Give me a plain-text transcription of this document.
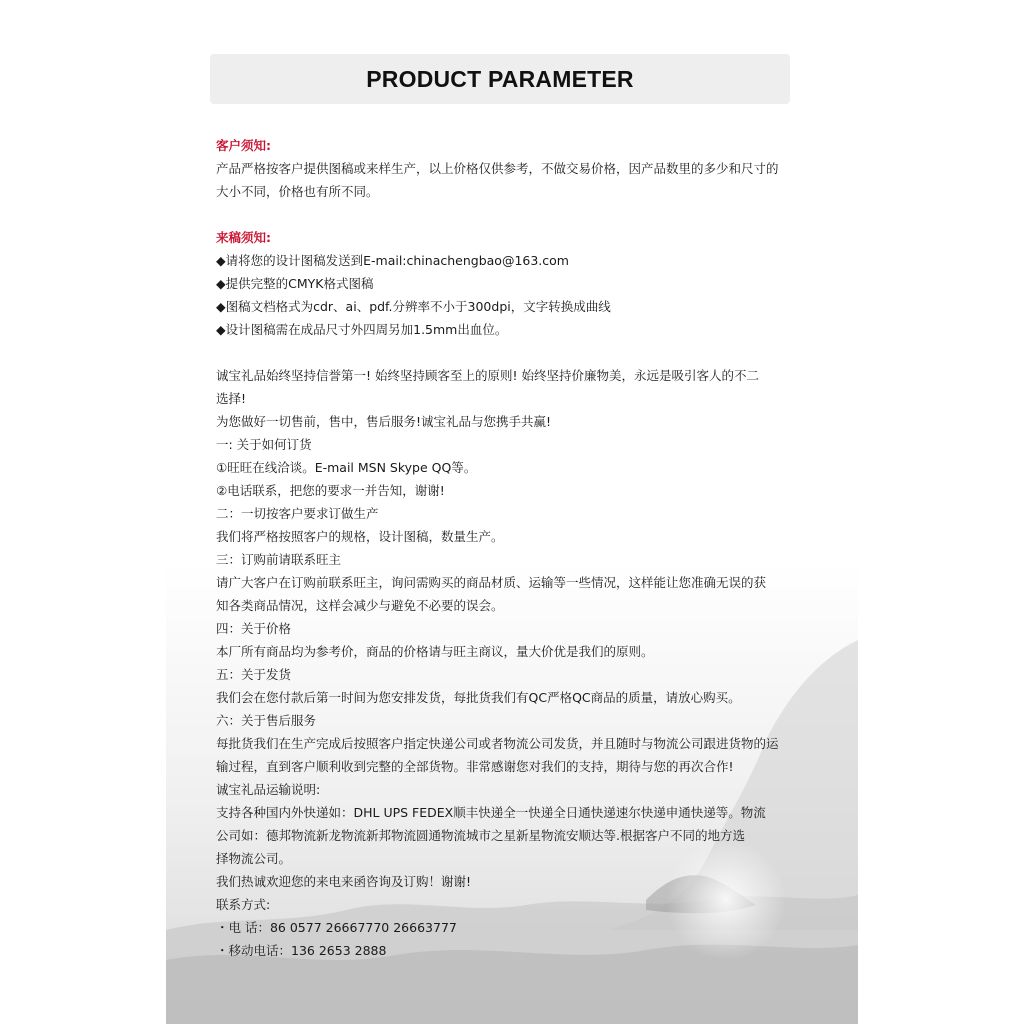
PRODUCT PARAMETER
客户须知:
产品严格按客户提供图稿或来样生产，以上价格仅供参考，不做交易价格，因产品数里的多少和尺寸的
大小不同，价格也有所不同。
来稿须知:
◆请将您的设计图稿发送到E-mail:chinachengbao@163.com
◆提供完整的CMYK格式图稿
◆图稿文档格式为cdr、ai、pdf.分辨率不小于300dpi，文字转换成曲线
◆设计图稿需在成品尺寸外四周另加1.5mm出血位。
诚宝礼品始终坚持信誉第一! 始终坚持顾客至上的原则! 始终坚持价廉物美，永远是吸引客人的不二
选择!
为您做好一切售前，售中，售后服务!诚宝礼品与您携手共赢!
一: 关于如何订货
①旺旺在线洽谈。E-mail MSN Skype QQ等。
②电话联系，把您的要求一并告知，谢谢!
二：一切按客户要求订做生产
我们将严格按照客户的规格，设计图稿，数量生产。
三：订购前请联系旺主
请广大客户在订购前联系旺主，询问需购买的商品材质、运输等一些情况，这样能让您准确无误的获
知各类商品情况，这样会减少与避免不必要的误会。
四：关于价格
本厂所有商品均为参考价，商品的价格请与旺主商议，量大价优是我们的原则。
五：关于发货
我们会在您付款后第一时间为您安排发货，每批货我们有QC严格QC商品的质量，请放心购买。
六：关于售后服务
每批货我们在生产完成后按照客户指定快递公司或者物流公司发货，并且随时与物流公司跟进货物的运
输过程，直到客户顺利收到完整的全部货物。非常感谢您对我们的支持，期待与您的再次合作!
诚宝礼品运输说明:
支持各种国内外快递如：DHL UPS FEDEX顺丰快递全一快递全日通快递速尔快递申通快递等。物流
公司如：德邦物流新龙物流新邦物流圆通物流城市之星新星物流安顺达等.根据客户不同的地方选
择物流公司。
我们热诚欢迎您的来电来函咨询及订购！谢谢!
联系方式:
・电 话：86 0577 26667770 26663777
・移动电话：136 2653 2888
